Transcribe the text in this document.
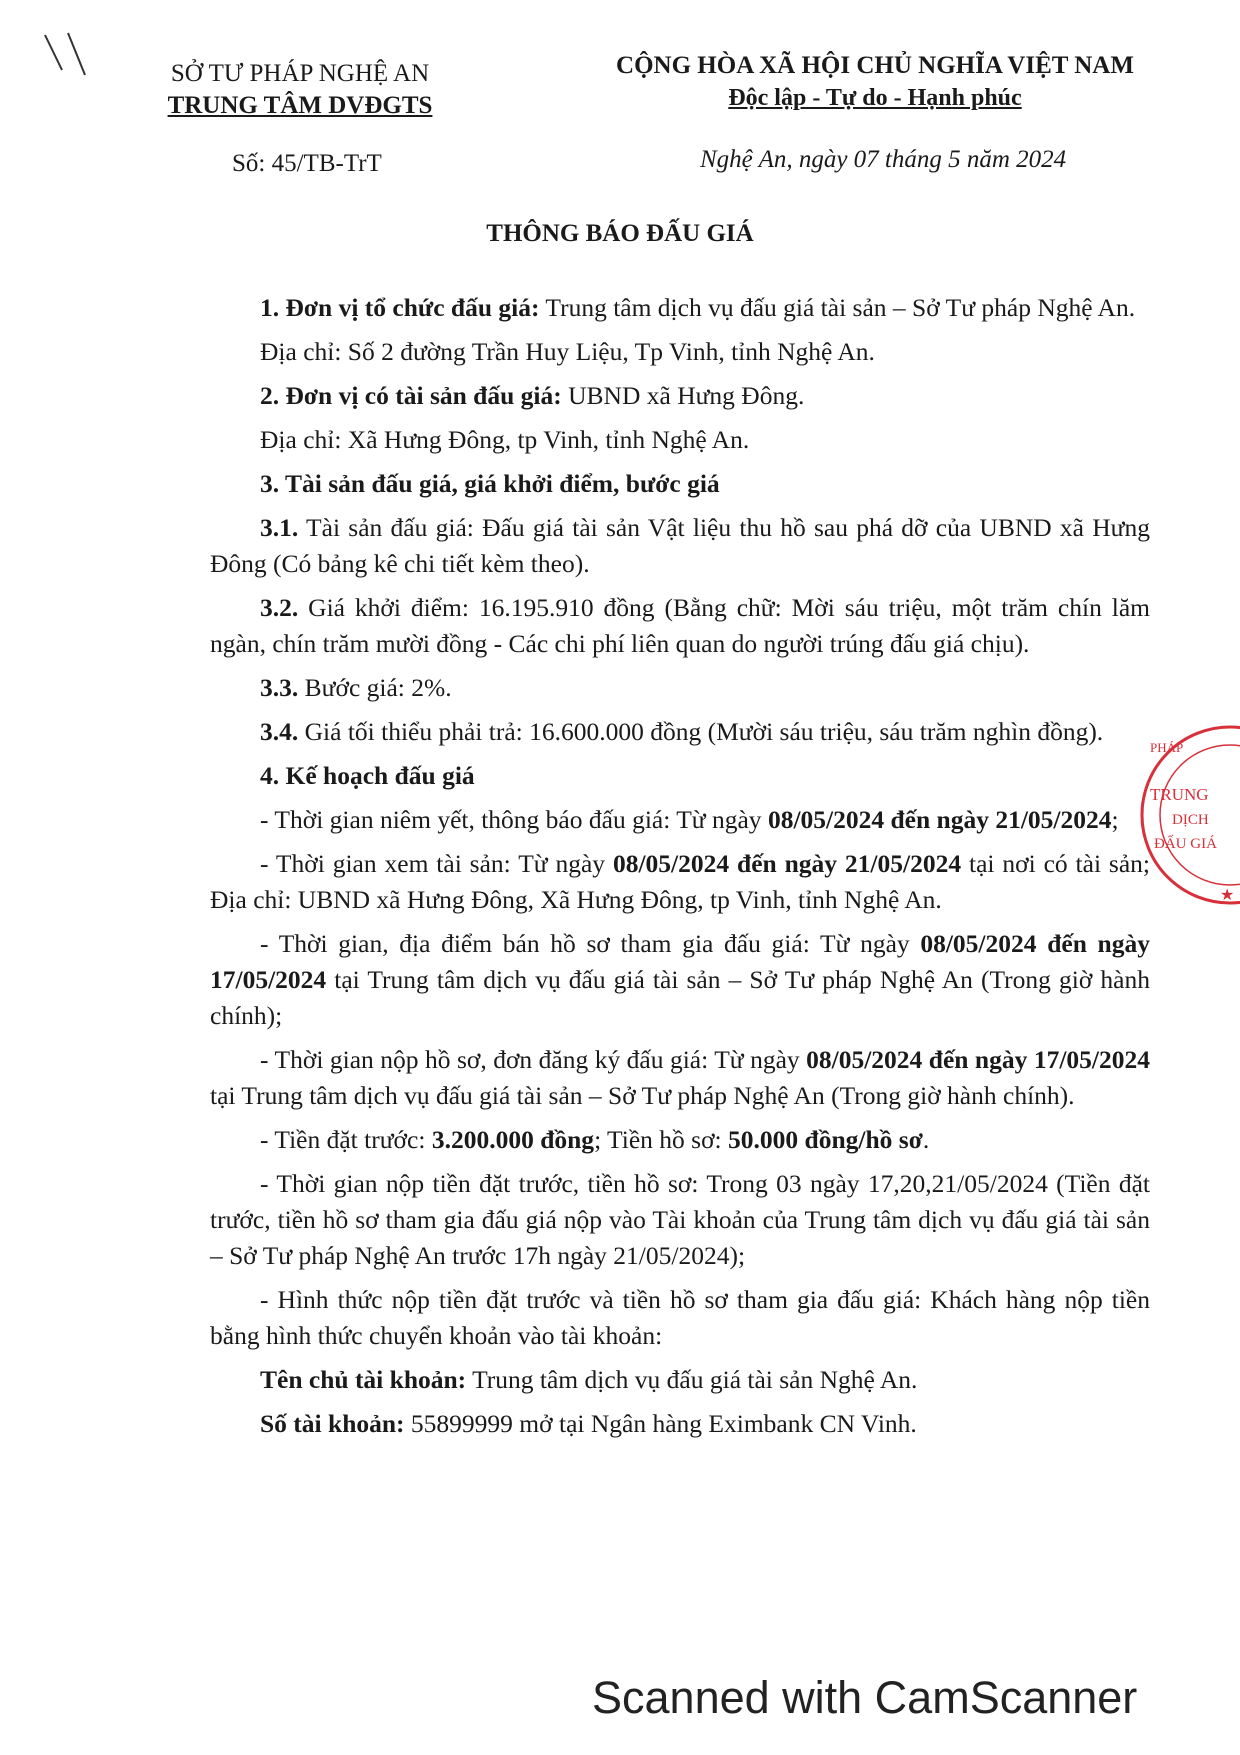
SỞ TƯ PHÁP NGHỆ AN
TRUNG TÂM DVĐGTS
CỘNG HÒA XÃ HỘI CHỦ NGHĨA VIỆT NAM
Độc lập - Tự do - Hạnh phúc
Số: 45/TB-TrT	Nghệ An, ngày 07 tháng 5 năm 2024
THÔNG BÁO ĐẤU GIÁ

1. Đơn vị tổ chức đấu giá: Trung tâm dịch vụ đấu giá tài sản – Sở Tư pháp Nghệ An.

Địa chỉ: Số 2 đường Trần Huy Liệu, Tp Vinh, tỉnh Nghệ An.

2. Đơn vị có tài sản đấu giá: UBND xã Hưng Đông.

Địa chỉ: Xã Hưng Đông, tp Vinh, tỉnh Nghệ An.

3. Tài sản đấu giá, giá khởi điểm, bước giá

3.1. Tài sản đấu giá: Đấu giá tài sản Vật liệu thu hồ sau phá dỡ của UBND xã Hưng Đông (Có bảng kê chi tiết kèm theo).

3.2. Giá khởi điểm: 16.195.910 đồng (Bằng chữ: Mời sáu triệu, một trăm chín lăm ngàn, chín trăm mười đồng - Các chi phí liên quan do người trúng đấu giá chịu).

3.3. Bước giá: 2%.

3.4. Giá tối thiểu phải trả: 16.600.000 đồng (Mười sáu triệu, sáu trăm nghìn đồng).

4. Kế hoạch đấu giá

- Thời gian niêm yết, thông báo đấu giá: Từ ngày 08/05/2024 đến ngày 21/05/2024;

- Thời gian xem tài sản: Từ ngày 08/05/2024 đến ngày 21/05/2024 tại nơi có tài sản; Địa chỉ: UBND xã Hưng Đông, Xã Hưng Đông, tp Vinh, tỉnh Nghệ An.

- Thời gian, địa điểm bán hồ sơ tham gia đấu giá: Từ ngày 08/05/2024 đến ngày 17/05/2024 tại Trung tâm dịch vụ đấu giá tài sản – Sở Tư pháp Nghệ An (Trong giờ hành chính);

- Thời gian nộp hồ sơ, đơn đăng ký đấu giá: Từ ngày 08/05/2024 đến ngày 17/05/2024 tại Trung tâm dịch vụ đấu giá tài sản – Sở Tư pháp Nghệ An (Trong giờ hành chính).

- Tiền đặt trước: 3.200.000 đồng; Tiền hồ sơ: 50.000 đồng/hồ sơ.

- Thời gian nộp tiền đặt trước, tiền hồ sơ: Trong 03 ngày 17,20,21/05/2024 (Tiền đặt trước, tiền hồ sơ tham gia đấu giá nộp vào Tài khoản của Trung tâm dịch vụ đấu giá tài sản – Sở Tư pháp Nghệ An trước 17h ngày 21/05/2024);

- Hình thức nộp tiền đặt trước và tiền hồ sơ tham gia đấu giá: Khách hàng nộp tiền bằng hình thức chuyển khoản vào tài khoản:

Tên chủ tài khoản: Trung tâm dịch vụ đấu giá tài sản Nghệ An.

Số tài khoản: 55899999 mở tại Ngân hàng Eximbank CN Vinh.

PHÁP
TRUNG
DỊCH
ĐẤU GIÁ
★
Scanned with CamScanner
